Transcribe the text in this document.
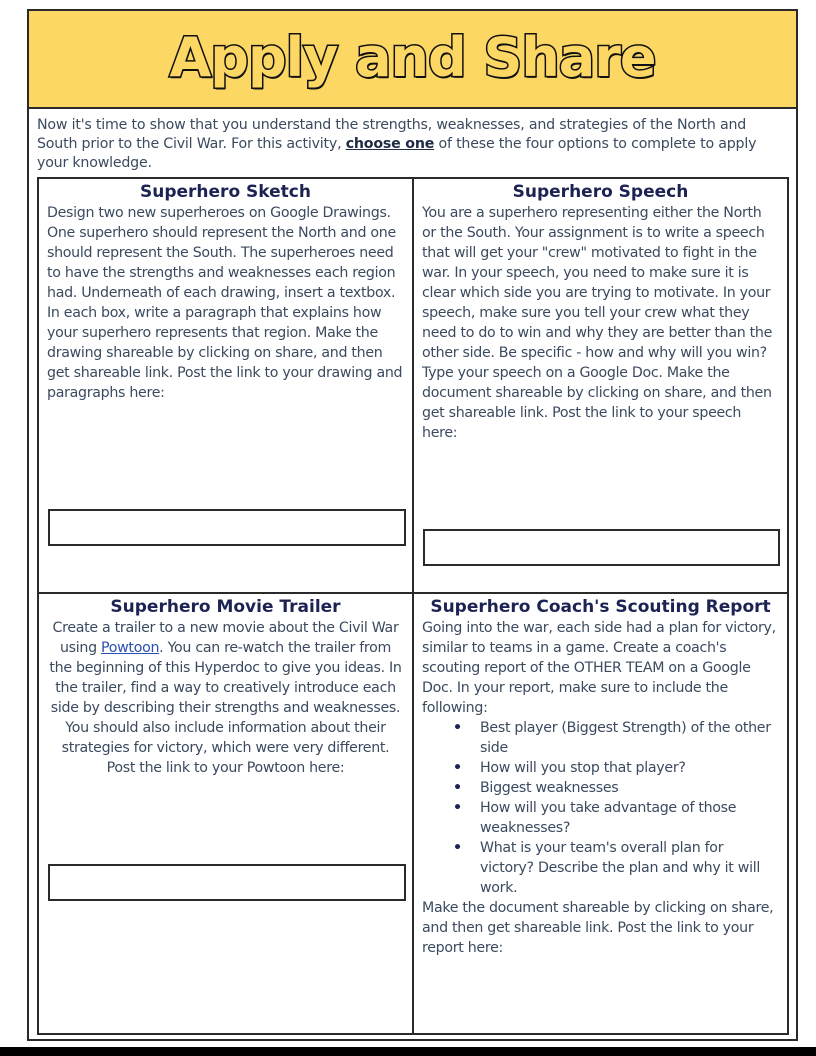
Apply and Share
Now it's time to show that you understand the strengths, weaknesses, and strategies of the North and South prior to the Civil War. For this activity, choose one of these the four options to complete to apply your knowledge.
Superhero Sketch

Design two new superheroes on Google Drawings. One superhero should represent the North and one should represent the South. The superheroes need to have the strengths and weaknesses each region had. Underneath of each drawing, insert a textbox. In each box, write a paragraph that explains how your superhero represents that region. Make the drawing shareable by clicking on share, and then get shareable link. Post the link to your drawing and paragraphs here:

Superhero Speech

You are a superhero representing either the North or the South. Your assignment is to write a speech that will get your "crew" motivated to fight in the war. In your speech, you need to make sure it is clear which side you are trying to motivate. In your speech, make sure you tell your crew what they need to do to win and why they are better than the other side. Be specific - how and why will you win? Type your speech on a Google Doc. Make the document shareable by clicking on share, and then get shareable link. Post the link to your speech here:

Superhero Movie Trailer

Create a trailer to a new movie about the Civil War using Powtoon. You can re-watch the trailer from the beginning of this Hyperdoc to give you ideas. In the trailer, find a way to creatively introduce each side by describing their strengths and weaknesses. You should also include information about their strategies for victory, which were very different. Post the link to your Powtoon here:

Superhero Coach's Scouting Report

Going into the war, each side had a plan for victory, similar to teams in a game. Create a coach's scouting report of the OTHER TEAM on a Google Doc. In your report, make sure to include the following:

• Best player (Biggest Strength) of the other side
• How will you stop that player?
• Biggest weaknesses
• How will you take advantage of those weaknesses?
• What is your team's overall plan for victory? Describe the plan and why it will work.

Make the document shareable by clicking on share, and then get shareable link. Post the link to your report here:
